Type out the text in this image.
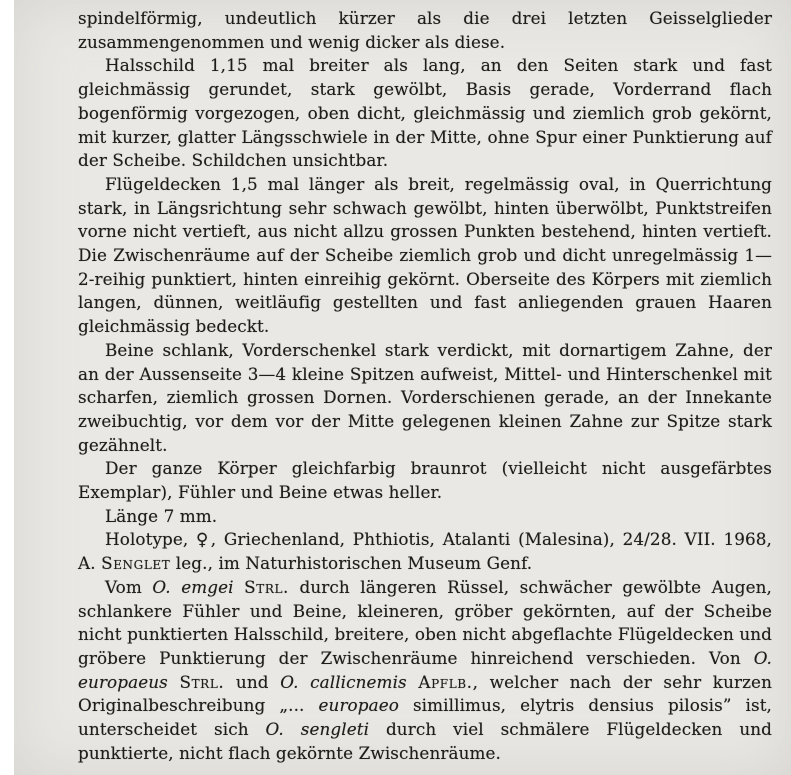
spindelförmig, undeutlich kürzer als die drei letzten Geisselglieder zusammengenommen und wenig dicker als diese.

Halsschild 1,15 mal breiter als lang, an den Seiten stark und fast gleichmässig gerundet, stark gewölbt, Basis gerade, Vorderrand flach bogenförmig vorgezogen, oben dicht, gleichmässig und ziemlich grob gekörnt, mit kurzer, glatter Längsschwiele in der Mitte, ohne Spur einer Punktierung auf der Scheibe. Schildchen unsichtbar.

Flügeldecken 1,5 mal länger als breit, regelmässig oval, in Querrichtung stark, in Längsrichtung sehr schwach gewölbt, hinten überwölbt, Punktstreifen vorne nicht vertieft, aus nicht allzu grossen Punkten bestehend, hinten vertieft. Die Zwischenräume auf der Scheibe ziemlich grob und dicht unregelmässig 1—2-reihig punktiert, hinten einreihig gekörnt. Oberseite des Körpers mit ziemlich langen, dünnen, weitläufig gestellten und fast anliegenden grauen Haaren gleichmässig bedeckt.

Beine schlank, Vorderschenkel stark verdickt, mit dornartigem Zahne, der an der Aussenseite 3—4 kleine Spitzen aufweist, Mittel- und Hinterschenkel mit scharfen, ziemlich grossen Dornen. Vorderschienen gerade, an der Innekante zweibuchtig, vor dem vor der Mitte gelegenen kleinen Zahne zur Spitze stark gezähnelt.

Der ganze Körper gleichfarbig braunrot (vielleicht nicht ausgefärbtes Exemplar), Fühler und Beine etwas heller.

Länge 7 mm.

Holotype, ♀, Griechenland, Phthiotis, Atalanti (Malesina), 24/28. VII. 1968, A. Senglet leg., im Naturhistorischen Museum Genf.

Vom O. emgei Strl. durch längeren Rüssel, schwächer gewölbte Augen, schlankere Fühler und Beine, kleineren, gröber gekörnten, auf der Scheibe nicht punktierten Halsschild, breitere, oben nicht abgeflachte Flügeldecken und gröbere Punktierung der Zwischenräume hinreichend verschieden. Von O. europaeus Strl. und O. callicnemis Apflb., welcher nach der sehr kurzen Originalbeschreibung „... europaeo simillimus, elytris densius pilosis” ist, unterscheidet sich O. sengleti durch viel schmälere Flügeldecken und punktierte, nicht flach gekörnte Zwischenräume.
